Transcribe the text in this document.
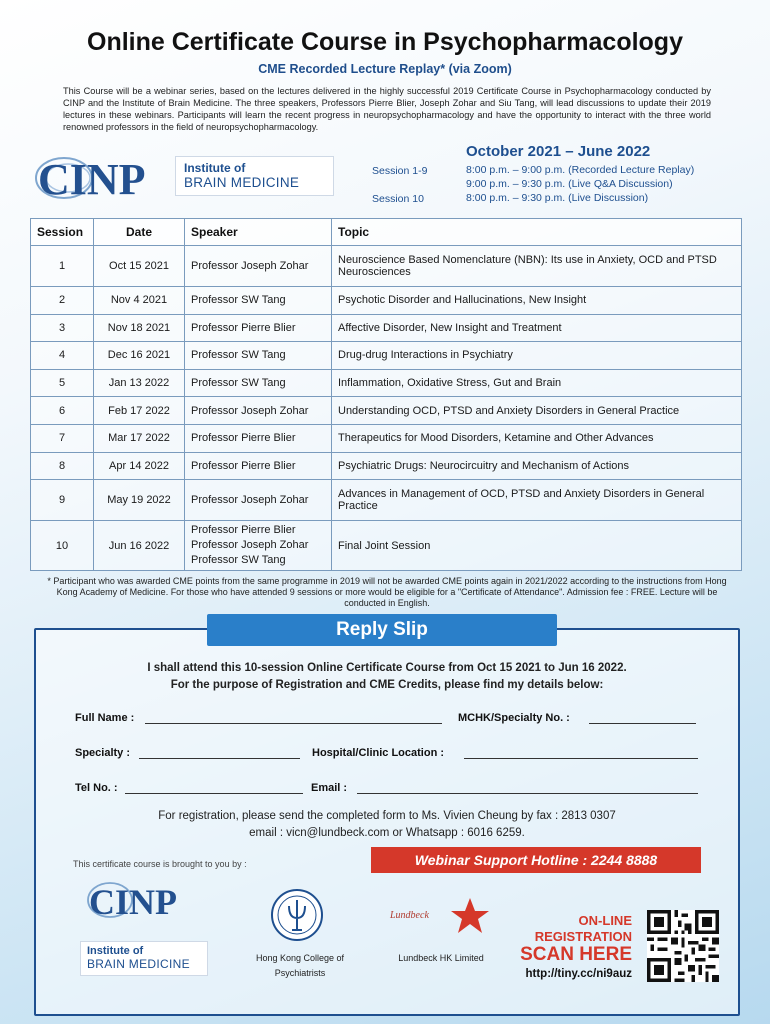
Online Certificate Course in Psychopharmacology
CME Recorded Lecture Replay* (via Zoom)

This Course will be a webinar series, based on the lectures delivered in the highly successful 2019 Certificate Course in Psychopharmacology conducted by CINP and the Institute of Brain Medicine. The three speakers, Professors Pierre Blier, Joseph Zohar and Siu Tang, will lead discussions to update their 2019 lectures in these webinars. Participants will learn the recent progress in neuropsychopharmacology and have the opportunity to interact with the three world renowned professors in the field of neuropsychopharmacology.

CINP	Institute of
BRAIN MEDICINE
October 2021 – June 2022
Session 1-9	8:00 p.m. – 9:00 p.m. (Recorded Lecture Replay)
9:00 p.m. – 9:30 p.m. (Live Q&A Discussion)
Session 10	8:00 p.m. – 9:30 p.m. (Live Discussion)
Session	Date	Speaker	Topic
1	Oct 15 2021	Professor Joseph Zohar	Neuroscience Based Nomenclature (NBN): Its use in Anxiety, OCD and PTSD Neurosciences
2	Nov 4 2021	Professor SW Tang	Psychotic Disorder and Hallucinations, New Insight
3	Nov 18 2021	Professor Pierre Blier	Affective Disorder, New Insight and Treatment
4	Dec 16 2021	Professor SW Tang	Drug-drug Interactions in Psychiatry
5	Jan 13 2022	Professor SW Tang	Inflammation, Oxidative Stress, Gut and Brain
6	Feb 17 2022	Professor Joseph Zohar	Understanding OCD, PTSD and Anxiety Disorders in General Practice
7	Mar 17 2022	Professor Pierre Blier	Therapeutics for Mood Disorders, Ketamine and Other Advances
8	Apr 14 2022	Professor Pierre Blier	Psychiatric Drugs: Neurocircuitry and Mechanism of Actions
9	May 19 2022	Professor Joseph Zohar	Advances in Management of OCD, PTSD and Anxiety Disorders in General Practice
10	Jun 16 2022	Professor Pierre Blier
Professor Joseph Zohar
Professor SW Tang	Final Joint Session

* Participant who was awarded CME points from the same programme in 2019 will not be awarded CME points again in 2021/2022 according to the instructions from Hong Kong Academy of Medicine. For those who have attended 9 sessions or more would be eligible for a "Certificate of Attendance". Admission fee : FREE. Lecture will be conducted in English.

Reply Slip
I shall attend this 10-session Online Certificate Course from Oct 15 2021 to Jun 16 2022.
For the purpose of Registration and CME Credits, please find my details below:
Full Name :	MCHK/Specialty No. :
Specialty :	Hospital/Clinic Location :
Tel No. :	Email :
For registration, please send the completed form to Ms. Vivien Cheung by fax : 2813 0307
email : vicn@lundbeck.com or Whatsapp : 6016 6259.
This certificate course is brought to you by :	Webinar Support Hotline : 2244 8888
CINP
Institute of
BRAIN MEDICINE	Hong Kong College of
Psychiatrists
Lundbeck
Lundbeck HK Limited
ON-LINE
REGISTRATION
SCAN HERE
http://tiny.cc/ni9auz
